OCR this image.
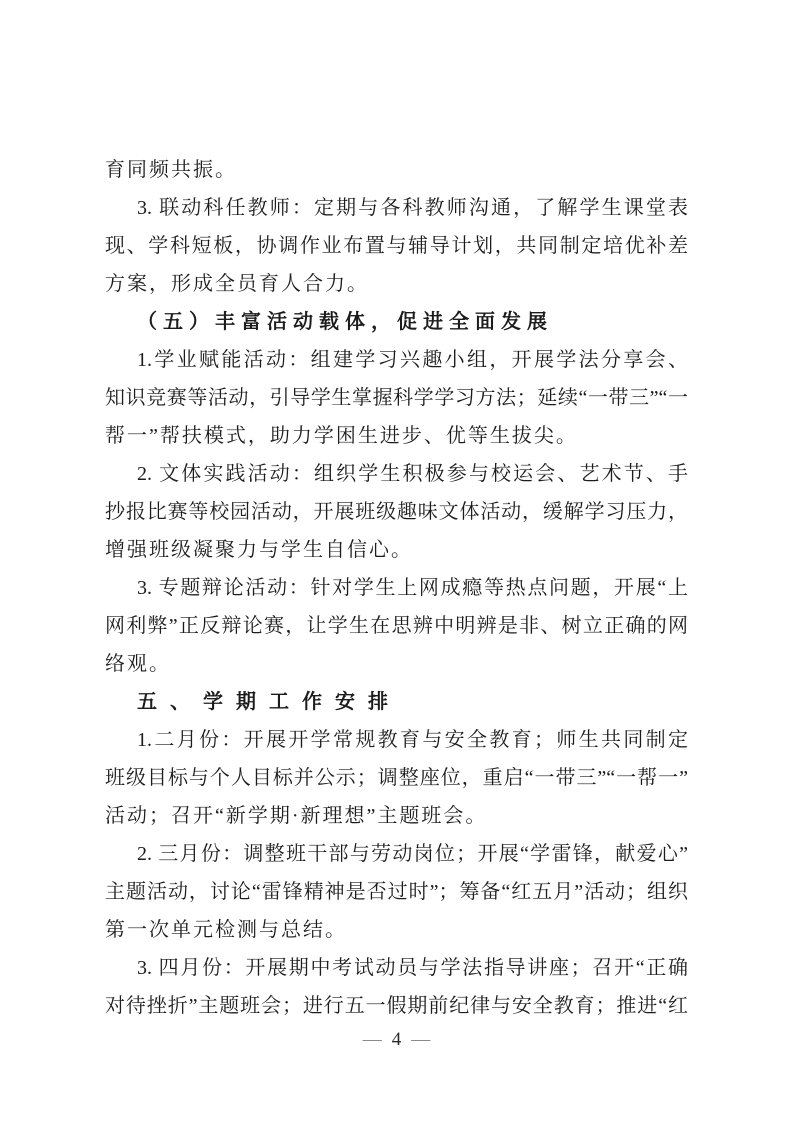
育同频共振。
3. 联动科任教师：定期与各科教师沟通，了解学生课堂表
现、学科短板，协调作业布置与辅导计划，共同制定培优补差
方案，形成全员育人合力。
（五）丰富活动载体，促进全面发展
1.学业赋能活动：组建学习兴趣小组，开展学法分享会、
知识竞赛等活动，引导学生掌握科学学习方法；延续“一带三”“一
帮一”帮扶模式，助力学困生进步、优等生拔尖。
2. 文体实践活动：组织学生积极参与校运会、艺术节、手
抄报比赛等校园活动，开展班级趣味文体活动，缓解学习压力，
增强班级凝聚力与学生自信心。
3. 专题辩论活动：针对学生上网成瘾等热点问题，开展“上
网利弊”正反辩论赛，让学生在思辨中明辨是非、树立正确的网
络观。
五、学期工作安排
1.二月份：开展开学常规教育与安全教育；师生共同制定
班级目标与个人目标并公示；调整座位，重启“一带三”“一帮一”
活动；召开“新学期·新理想”主题班会。
2. 三月份：调整班干部与劳动岗位；开展“学雷锋，献爱心”
主题活动，讨论“雷锋精神是否过时”；筹备“红五月”活动；组织
第一次单元检测与总结。
3. 四月份：开展期中考试动员与学法指导讲座；召开“正确
对待挫折”主题班会；进行五一假期前纪律与安全教育；推进“红
— 4 —
